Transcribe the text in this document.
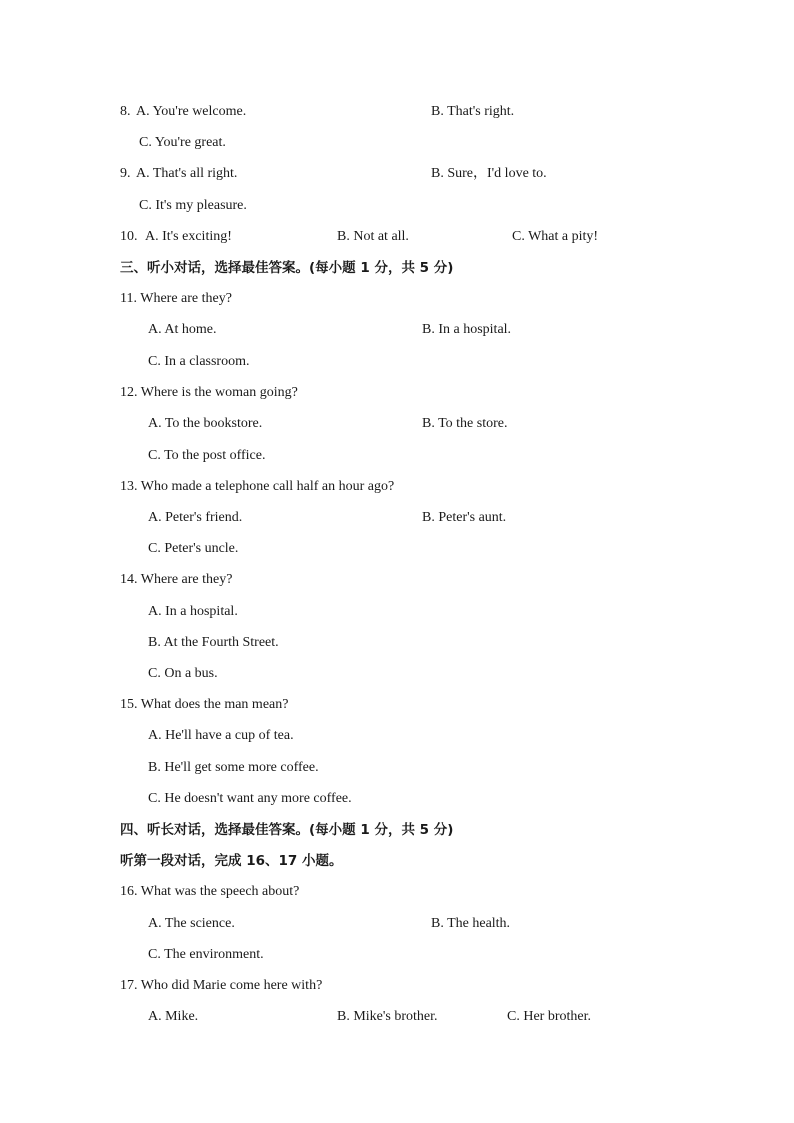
8. A. You're welcome.	B. That's right.
C. You're great.
9. A. That's all right.	B. Sure，I'd love to.
C. It's my pleasure.
10. A. It's exciting!	B. Not at all.	C. What a pity!
三、听小对话，选择最佳答案。(每小题 1 分，共 5 分)
11. Where are they?
A. At home.	B. In a hospital.
C. In a classroom.
12. Where is the woman going?
A. To the bookstore.	B. To the store.
C. To the post office.
13. Who made a telephone call half an hour ago?
A. Peter's friend.	B. Peter's aunt.
C. Peter's uncle.
14. Where are they?
A. In a hospital.
B. At the Fourth Street.
C. On a bus.
15. What does the man mean?
A. He'll have a cup of tea.
B. He'll get some more coffee.
C. He doesn't want any more coffee.
四、听长对话，选择最佳答案。(每小题 1 分，共 5 分)
听第一段对话，完成 16、17 小题。
16. What was the speech about?
A. The science.	B. The health.
C. The environment.
17. Who did Marie come here with?
A. Mike.	B. Mike's brother.	C. Her brother.
